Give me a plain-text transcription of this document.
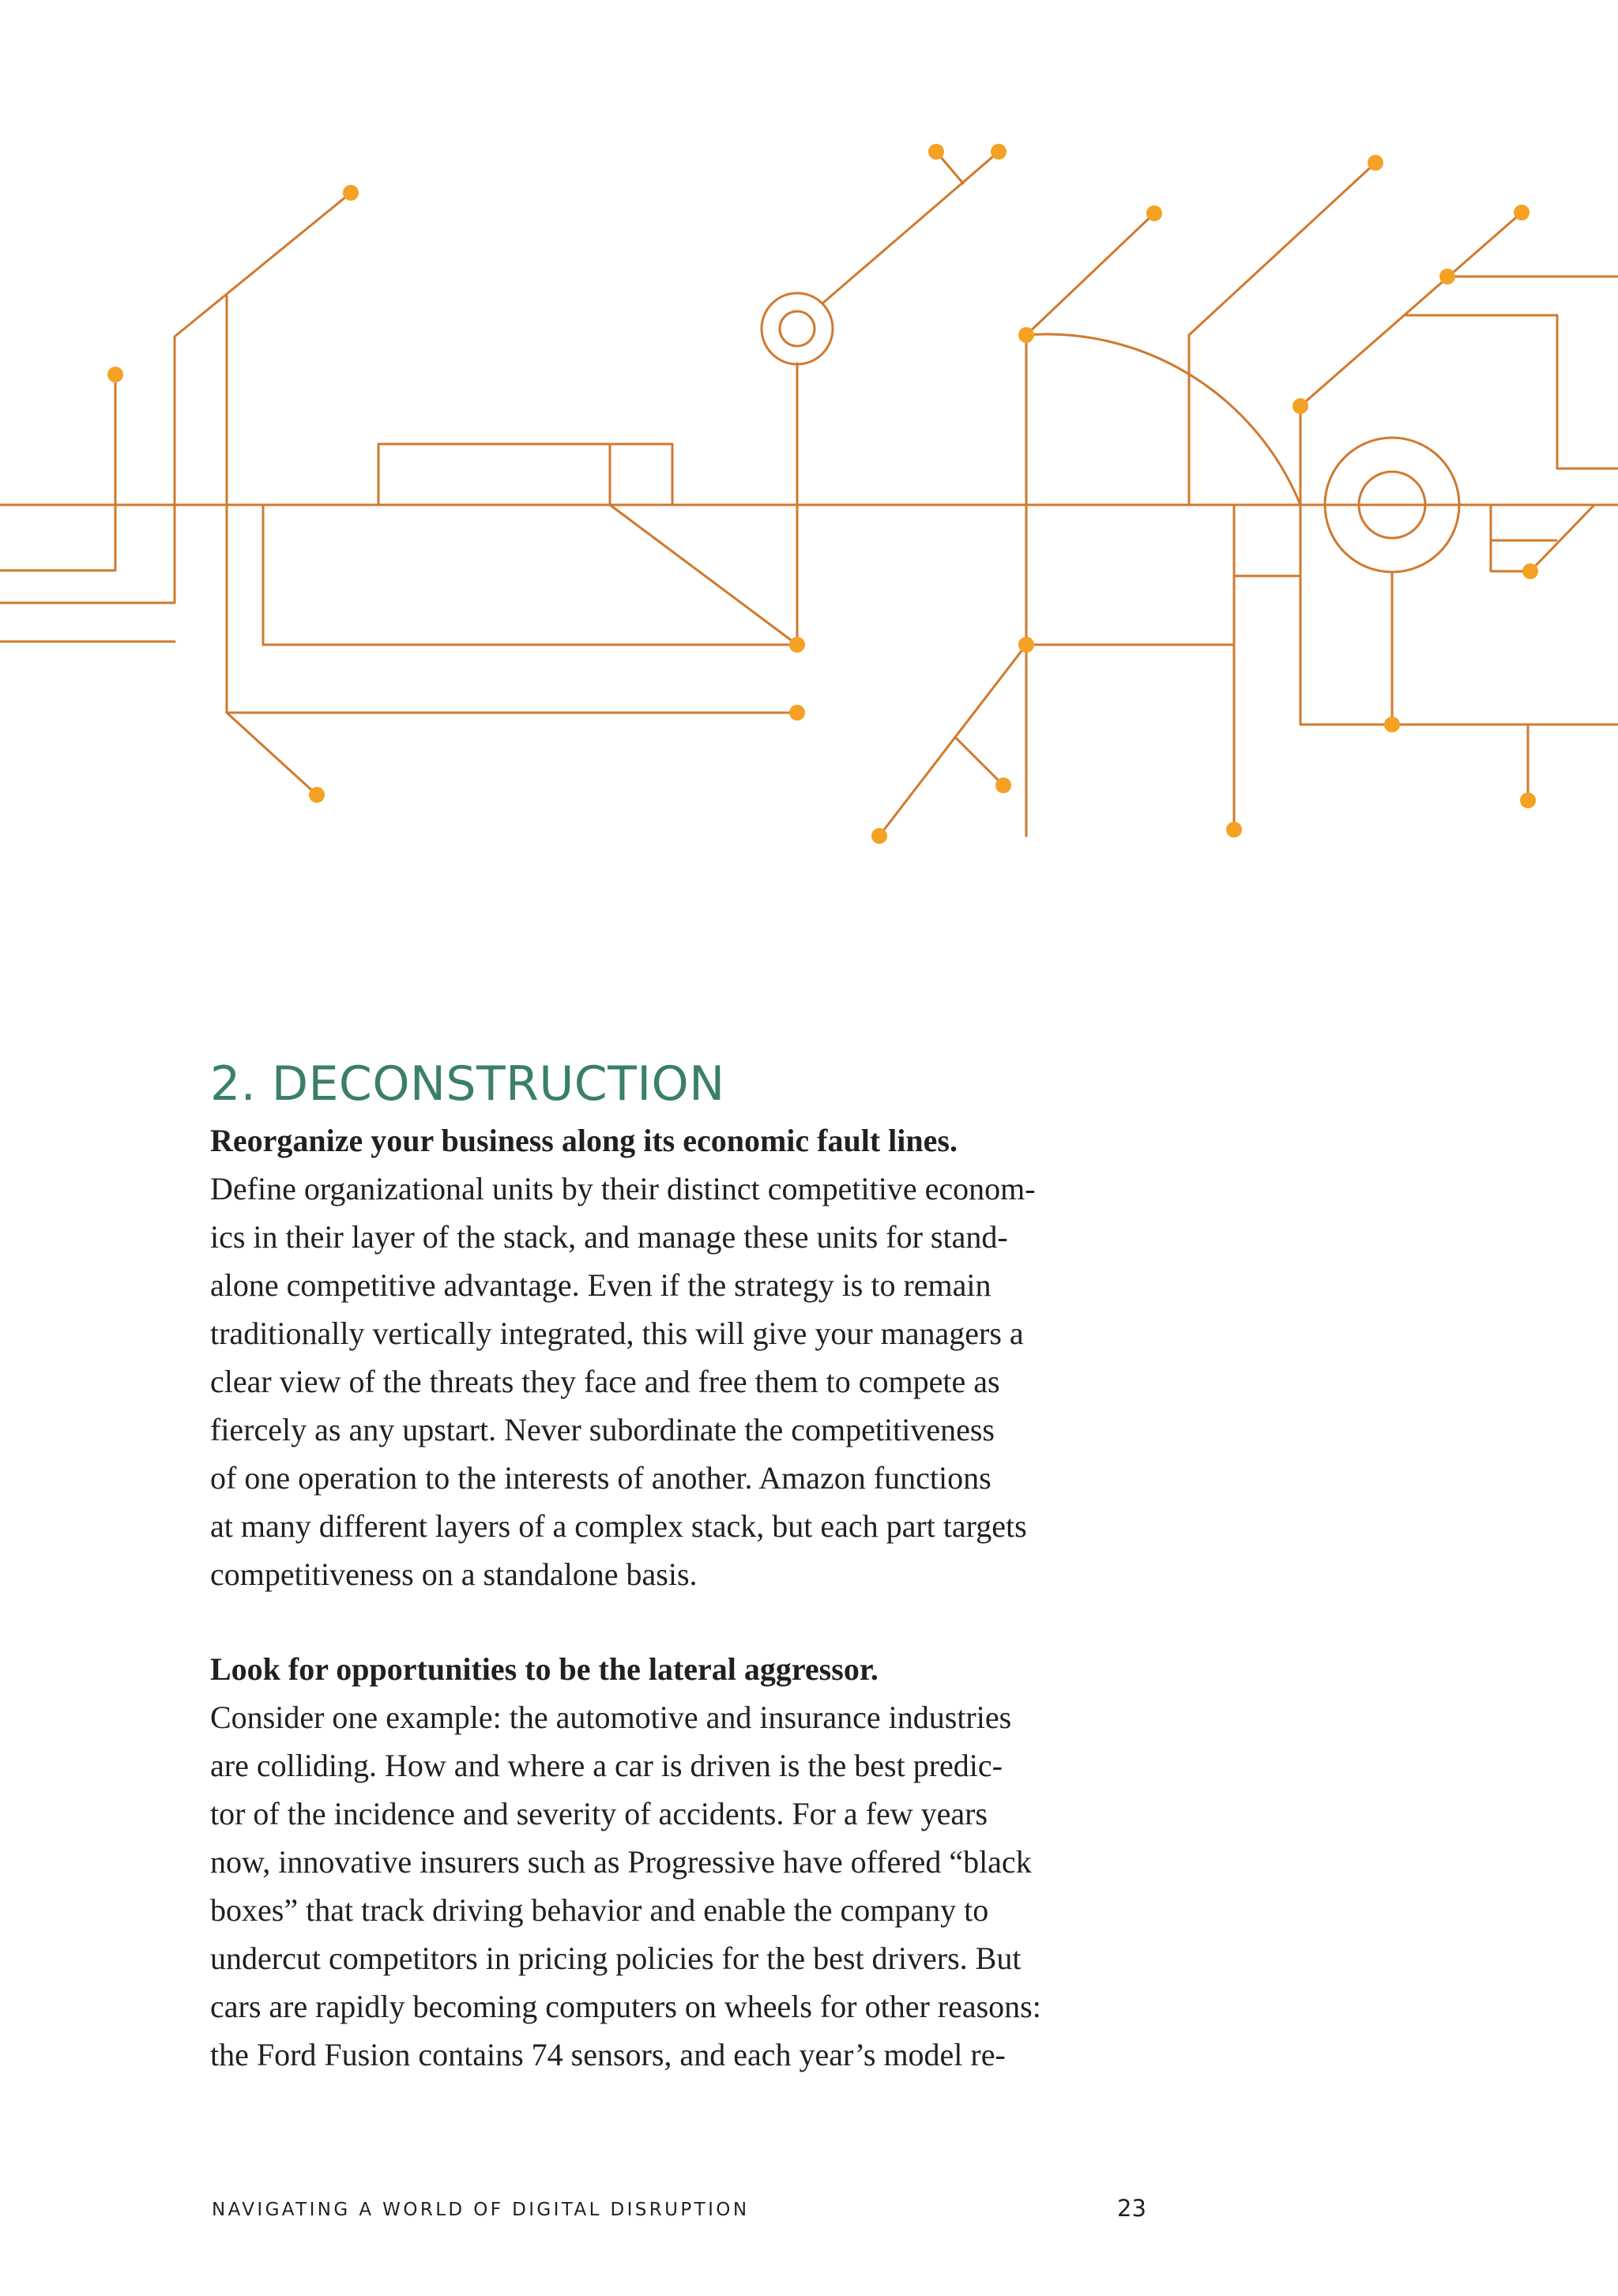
2. DECONSTRUCTION

Reorganize your business along its economic fault lines.

Define organizational units by their distinct competitive econom-
ics in their layer of the stack, and manage these units for stand-
alone competitive advantage. Even if the strategy is to remain
traditionally vertically integrated, this will give your managers a
clear view of the threats they face and free them to compete as
fiercely as any upstart. Never subordinate the competitiveness
of one operation to the interests of another. Amazon functions
at many different layers of a complex stack, but each part targets
competitiveness on a standalone basis.

Look for opportunities to be the lateral aggressor.

Consider one example: the automotive and insurance industries
are colliding. How and where a car is driven is the best predic-
tor of the incidence and severity of accidents. For a few years
now, innovative insurers such as Progressive have offered “black
boxes” that track driving behavior and enable the company to
undercut competitors in pricing policies for the best drivers. But
cars are rapidly becoming computers on wheels for other reasons:
the Ford Fusion contains 74 sensors, and each year’s model re-

NAVIGATING A WORLD OF DIGITAL DISRUPTION	23
